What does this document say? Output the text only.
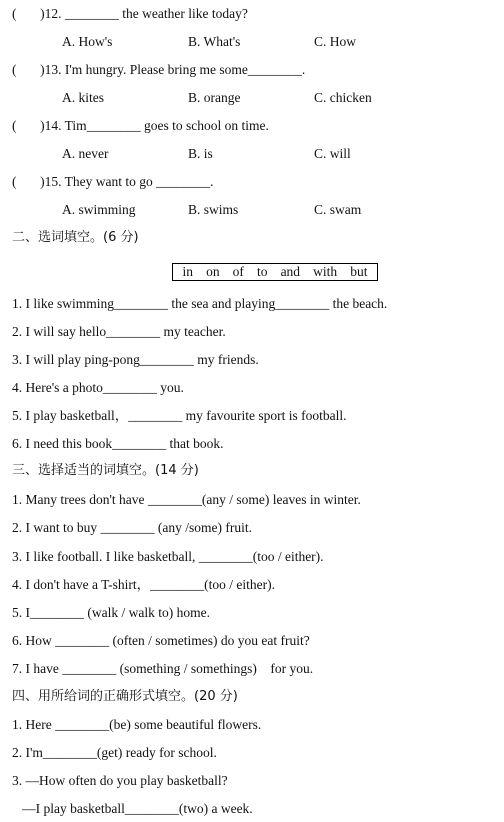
(       )12. ________ the weather like today?
A. How's	B. What's	C. How
(       )13. I'm hungry. Please bring me some________.
A. kites	B. orange	C. chicken
(       )14. Tim________ goes to school on time.
A. never	B. is	C. will
(       )15. They want to go ________.
A. swimming	B. swims	C. swam
二、选词填空。(6 分)
in on of to and with but
1. I like swimming________ the sea and playing________ the beach.
2. I will say hello________ my teacher.
3. I will play ping-pong________ my friends.
4. Here's a photo________ you.
5. I play basketball，________ my favourite sport is football.
6. I need this book________ that book.
三、选择适当的词填空。(14 分)
1. Many trees don't have ________(any / some) leaves in winter.
2. I want to buy ________ (any /some) fruit.
3. I like football. I like basketball, ________(too / either).
4. I don't have a T-shirt，________(too / either).
5. I________ (walk / walk to) home.
6. How ________ (often / sometimes) do you eat fruit?
7. I have ________ (something / somethings)    for you.
四、用所给词的正确形式填空。(20 分)
1. Here ________(be) some beautiful flowers.
2. I'm________(get) ready for school.
3. —How often do you play basketball?
—I play basketball________(two) a week.
